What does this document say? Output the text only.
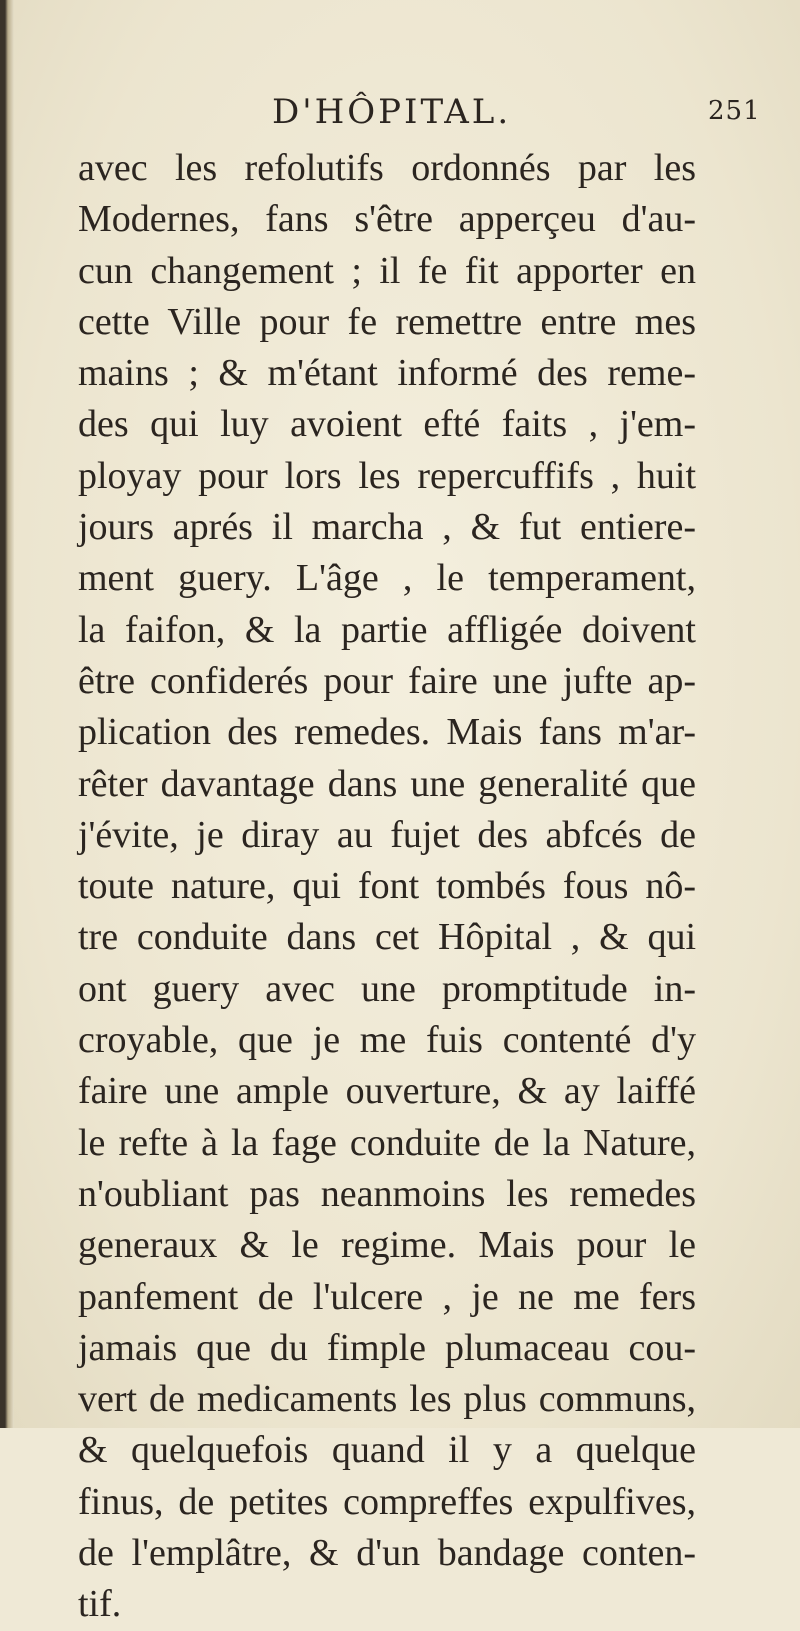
D'HÔPITAL.	251
avec les refolutifs ordonnés par les
Modernes, fans s'être apperçeu d'au-
cun changement ; il fe fit apporter en
cette Ville pour fe remettre entre mes
mains ; & m'étant informé des reme-
des qui luy avoient efté faits , j'em-
ployay pour lors les repercuffifs , huit
jours aprés il marcha , & fut entiere-
ment guery. L'âge , le temperament,
la faifon, & la partie affligée doivent
être confiderés pour faire une jufte ap-
plication des remedes. Mais fans m'ar-
rêter davantage dans une generalité que
j'évite, je diray au fujet des abfcés de
toute nature, qui font tombés fous nô-
tre conduite dans cet Hôpital , & qui
ont guery avec une promptitude in-
croyable, que je me fuis contenté d'y
faire une ample ouverture, & ay laiffé
le refte à la fage conduite de la Nature,
n'oubliant pas neanmoins les remedes
generaux & le regime. Mais pour le
panfement de l'ulcere , je ne me fers
jamais que du fimple plumaceau cou-
vert de medicaments les plus communs,
& quelquefois quand il y a quelque
finus, de petites compreffes expulfives,
de l'emplâtre, & d'un bandage conten-
tif.
